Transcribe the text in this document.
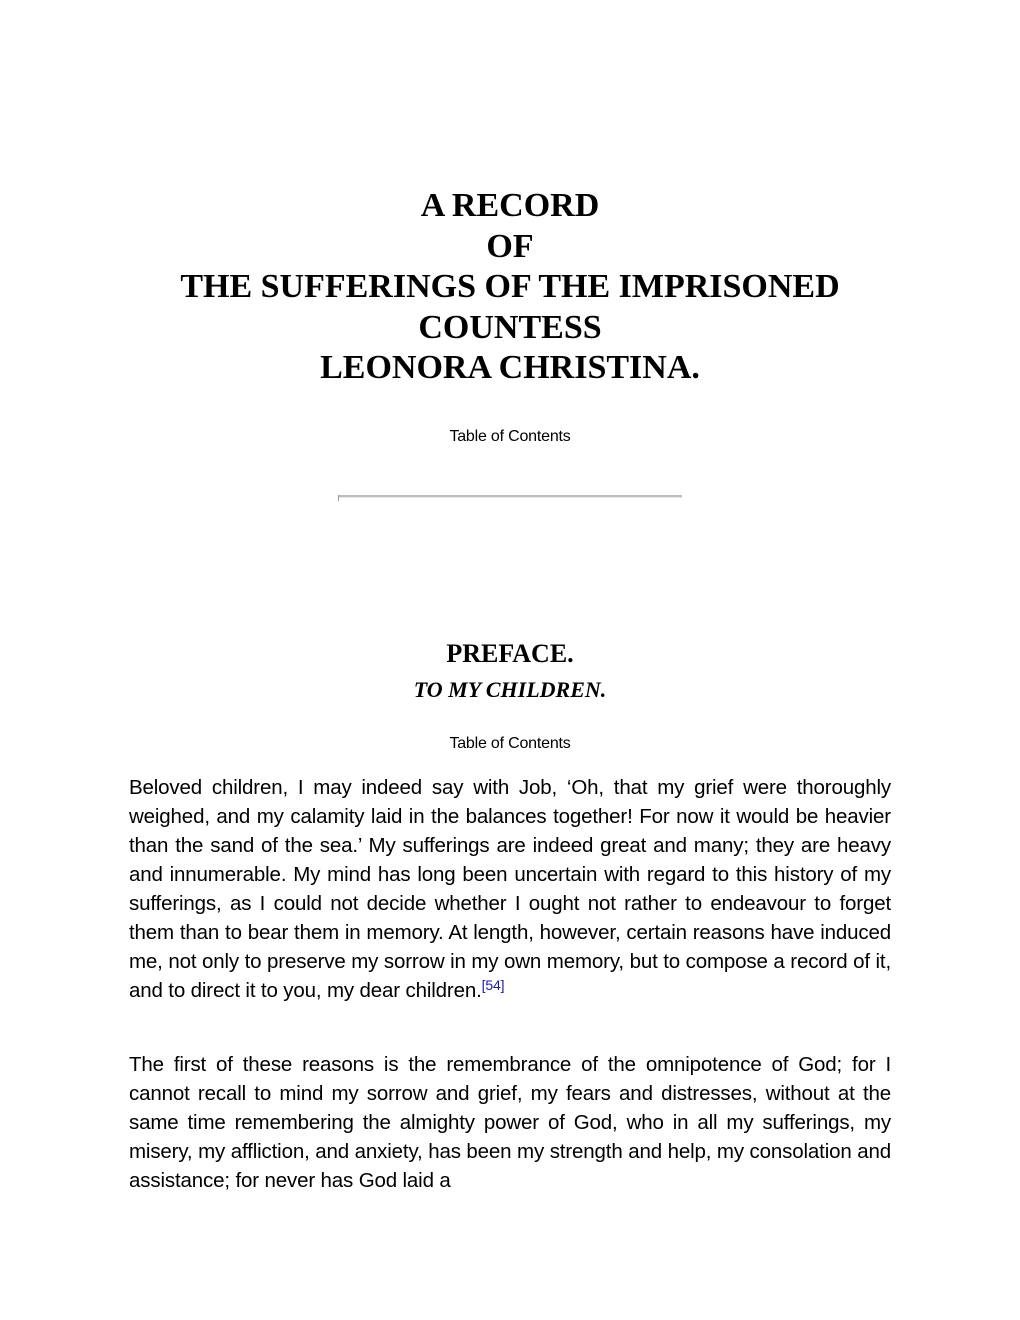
A RECORD
OF
THE SUFFERINGS OF THE IMPRISONED
COUNTESS
LEONORA CHRISTINA.
Table of Contents
PREFACE.
TO MY CHILDREN.
Table of Contents

Beloved children, I may indeed say with Job, ‘Oh, that my grief were thoroughly weighed, and my calamity laid in the balances together! For now it would be heavier than the sand of the sea.’ My sufferings are indeed great and many; they are heavy and innumerable. My mind has long been uncertain with regard to this history of my sufferings, as I could not decide whether I ought not rather to endeavour to forget them than to bear them in memory. At length, however, certain reasons have induced me, not only to preserve my sorrow in my own memory, but to compose a record of it, and to direct it to you, my dear children.[54]

The first of these reasons is the remembrance of the omnipotence of God; for I cannot recall to mind my sorrow and grief, my fears and distresses, without at the same time remembering the almighty power of God, who in all my sufferings, my misery, my affliction, and anxiety, has been my strength and help, my consolation and assistance; for never has God laid a
